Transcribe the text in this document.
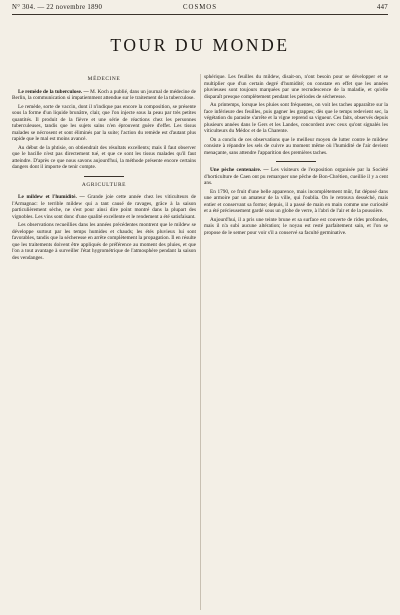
N° 304. — 22 novembre 1890	COSMOS	447
TOUR DU MONDE
MÉDECINE

Le remède de la tuberculose. — M. Koch a publié, dans un journal de médecine de Berlin, la communication si impatiemment attendue sur le traitement de la tuberculose.

Le remède, sorte de vaccin, dont il n'indique pas encore la composition, se présente sous la forme d'un liquide brunâtre, clair, que l'on injecte sous la peau par très petites quantités. Il produit de la fièvre et une série de réactions chez les personnes tuberculeuses, tandis que les sujets sains n'en éprouvent guère d'effet. Les tissus malades se nécrosent et sont éliminés par la suite; l'action du remède est d'autant plus rapide que le mal est moins avancé.

Au début de la phtisie, on obtiendrait des résultats excellents; mais il faut observer que le bacille n'est pas directement tué, et que ce sont les tissus malades qu'il faut atteindre. D'après ce que nous savons aujourd'hui, la méthode présente encore certains dangers dont il importe de tenir compte.

AGRICULTURE

Le mildew et l'humidité. — Grande joie cette année chez les viticulteurs de l'Armagnac: le terrible mildew qui a tant causé de ravages, grâce à la saison particulièrement sèche, ne s'est pour ainsi dire point montré dans la plupart des vignobles. Les vins sont donc d'une qualité excellente et le rendement a été satisfaisant.

Les observations recueillies dans les années précédentes montrent que le mildew se développe surtout par les temps humides et chauds; les étés pluvieux lui sont favorables, tandis que la sécheresse en arrête complètement la propagation. Il en résulte que les traitements doivent être appliqués de préférence au moment des pluies, et que l'on a tout avantage à surveiller l'état hygrométrique de l'atmosphère pendant la saison des vendanges.

sphérique. Les feuilles du mildew, disait-on, n'ont besoin pour se développer et se multiplier que d'un certain degré d'humidité; on constate en effet que les années pluvieuses sont toujours marquées par une recrudescence de la maladie, et qu'elle disparaît presque complètement pendant les périodes de sécheresse.

Au printemps, lorsque les pluies sont fréquentes, on voit les taches apparaître sur la face inférieure des feuilles, puis gagner les grappes; dès que le temps redevient sec, la végétation du parasite s'arrête et la vigne reprend sa vigueur. Ces faits, observés depuis plusieurs années dans le Gers et les Landes, concordent avec ceux qu'ont signalés les viticulteurs du Médoc et de la Charente.

On a conclu de ces observations que le meilleur moyen de lutter contre le mildew consiste à répandre les sels de cuivre au moment même où l'humidité de l'air devient menaçante, sans attendre l'apparition des premières taches.

Une pèche centenaire. — Les visiteurs de l'exposition organisée par la Société d'horticulture de Caen ont pu remarquer une pêche de Bon-Chrétien, cueillie il y a cent ans.

En 1790, ce fruit d'une belle apparence, mais incomplètement mûr, fut déposé dans une armoire par un amateur de la ville, qui l'oublia. On le retrouva desséché, mais entier et conservant sa forme; depuis, il a passé de main en main comme une curiosité et a été précieusement gardé sous un globe de verre, à l'abri de l'air et de la poussière.

Aujourd'hui, il a pris une teinte brune et sa surface est couverte de rides profondes, mais il n'a subi aucune altération; le noyau est resté parfaitement sain, et l'on se propose de le semer pour voir s'il a conservé sa faculté germinative.
